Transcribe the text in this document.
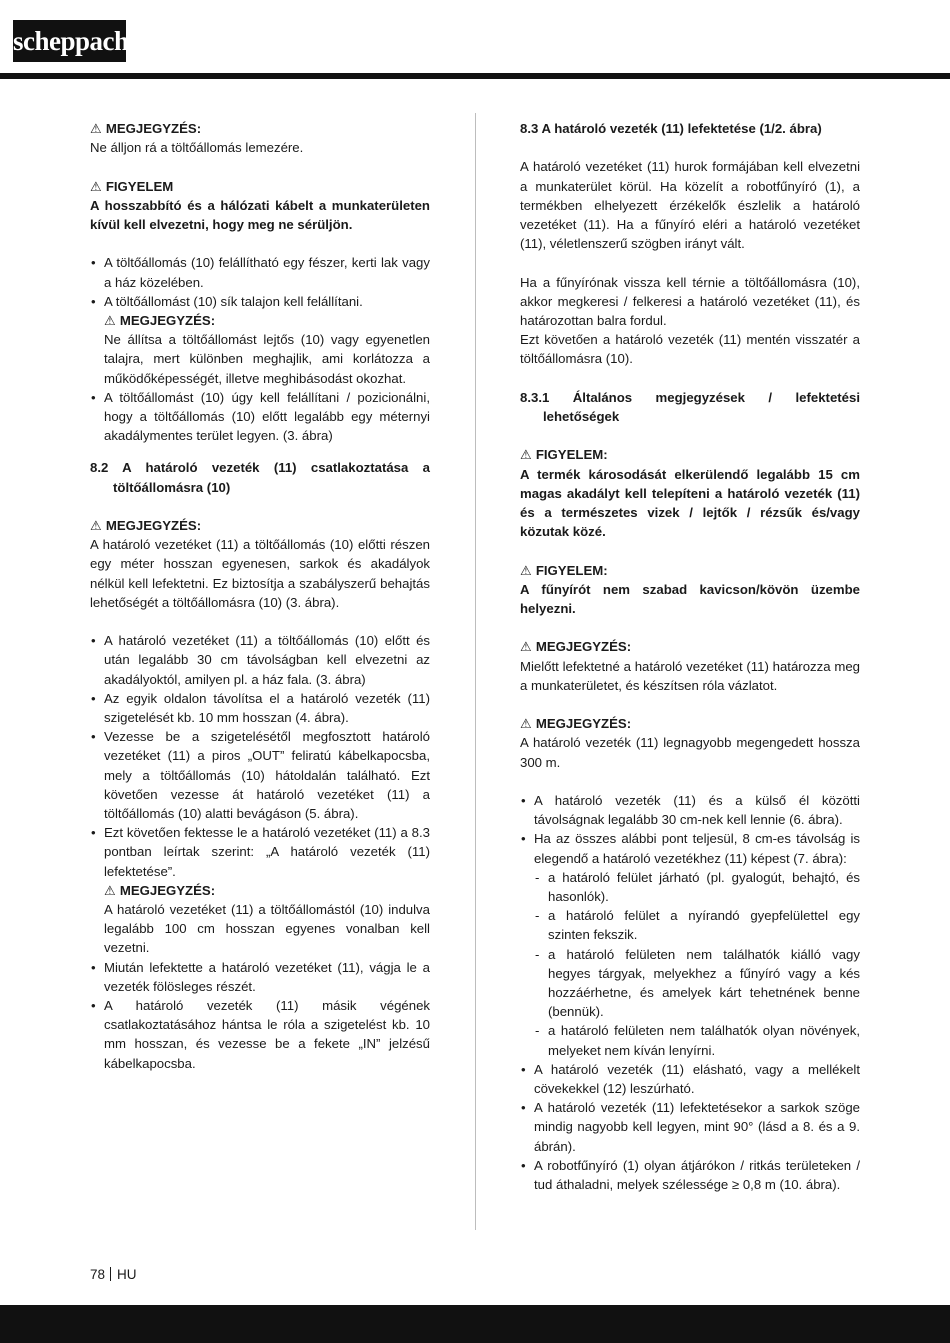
scheppach

⚠ MEGJEGYZÉS:

Ne álljon rá a töltőállomás lemezére.

⚠ FIGYELEM

A hosszabbító és a hálózati kábelt a munkaterületen kívül kell elvezetni, hogy meg ne sérüljön.

• A töltőállomás (10) felállítható egy fészer, kerti lak vagy a ház közelében.
• A töltőállomást (10) sík talajon kell felállítani.
⚠ MEGJEGYZÉS:
Ne állítsa a töltőállomást lejtős (10) vagy egyenetlen talajra, mert különben meghajlik, ami korlátozza a működőképességét, illetve meghibásodást okozhat.
• A töltőállomást (10) úgy kell felállítani / pozicionálni, hogy a töltőállomás (10) előtt legalább egy méternyi akadálymentes terület legyen. (3. ábra)

8.2 A határoló vezeték (11) csatlakoztatása a töltőállomásra (10)

⚠ MEGJEGYZÉS:

A határoló vezetéket (11) a töltőállomás (10) előtti részen egy méter hosszan egyenesen, sarkok és akadályok nélkül kell lefektetni. Ez biztosítja a szabályszerű behajtás lehetőségét a töltőállomásra (10) (3. ábra).

• A határoló vezetéket (11) a töltőállomás (10) előtt és után legalább 30 cm távolságban kell elvezetni az akadályoktól, amilyen pl. a ház fala. (3. ábra)
• Az egyik oldalon távolítsa el a határoló vezeték (11) szigetelését kb. 10 mm hosszan (4. ábra).
• Vezesse be a szigetelésétől megfosztott határoló vezetéket (11) a piros „OUT” feliratú kábelkapocsba, mely a töltőállomás (10) hátoldalán található. Ezt követően vezesse át határoló vezetéket (11) a töltőállomás (10) alatti bevágáson (5. ábra).
• Ezt követően fektesse le a határoló vezetéket (11) a 8.3 pontban leírtak szerint: „A határoló vezeték (11) lefektetése”.
⚠ MEGJEGYZÉS:
A határoló vezetéket (11) a töltőállomástól (10) indulva legalább 100 cm hosszan egyenes vonalban kell vezetni.
• Miután lefektette a határoló vezetéket (11), vágja le a vezeték fölösleges részét.
• A határoló vezeték (11) másik végének csatlakoztatásához hántsa le róla a szigetelést kb. 10 mm hosszan, és vezesse be a fekete „IN” jelzésű kábelkapocsba.

8.3 A határoló vezeték (11) lefektetése (1/2. ábra)

A határoló vezetéket (11) hurok formájában kell elvezetni a munkaterület körül. Ha közelít a robotfűnyíró (1), a termékben elhelyezett érzékelők észlelik a határoló vezetéket (11). Ha a fűnyíró eléri a határoló vezetéket (11), véletlenszerű szögben irányt vált.

Ha a fűnyírónak vissza kell térnie a töltőállomásra (10), akkor megkeresi / felkeresi a határoló vezetéket (11), és határozottan balra fordul.

Ezt követően a határoló vezeték (11) mentén visszatér a töltőállomásra (10).

8.3.1 Általános megjegyzések / lefektetési lehetőségek

⚠ FIGYELEM:

A termék károsodását elkerülendő legalább 15 cm magas akadályt kell telepíteni a határoló vezeték (11) és a természetes vizek / lejtők / rézsűk és/vagy közutak közé.

⚠ FIGYELEM:

A fűnyírót nem szabad kavicson/kövön üzembe helyezni.

⚠ MEGJEGYZÉS:

Mielőtt lefektetné a határoló vezetéket (11) határozza meg a munkaterületet, és készítsen róla vázlatot.

⚠ MEGJEGYZÉS:

A határoló vezeték (11) legnagyobb megengedett hossza 300 m.

• A határoló vezeték (11) és a külső él közötti távolságnak legalább 30 cm-nek kell lennie (6. ábra).
• Ha az összes alábbi pont teljesül, 8 cm-es távolság is elegendő a határoló vezetékhez (11) képest (7. ábra):
- a határoló felület járható (pl. gyalogút, behajtó, és hasonlók).
- a határoló felület a nyírandó gyepfelülettel egy szinten fekszik.
- a határoló felületen nem találhatók kiálló vagy hegyes tárgyak, melyekhez a fűnyíró vagy a kés hozzáérhetne, és amelyek kárt tehetnének benne (bennük).
- a határoló felületen nem találhatók olyan növények, melyeket nem kíván lenyírni.
• A határoló vezeték (11) elásható, vagy a mellékelt cövekekkel (12) leszúrható.
• A határoló vezeték (11) lefektetésekor a sarkok szöge mindig nagyobb kell legyen, mint 90° (lásd a 8. és a 9. ábrán).
• A robotfűnyíró (1) olyan átjárókon / ritkás területeken / tud áthaladni, melyek szélessége ≥ 0,8 m (10. ábra).
78 HU
